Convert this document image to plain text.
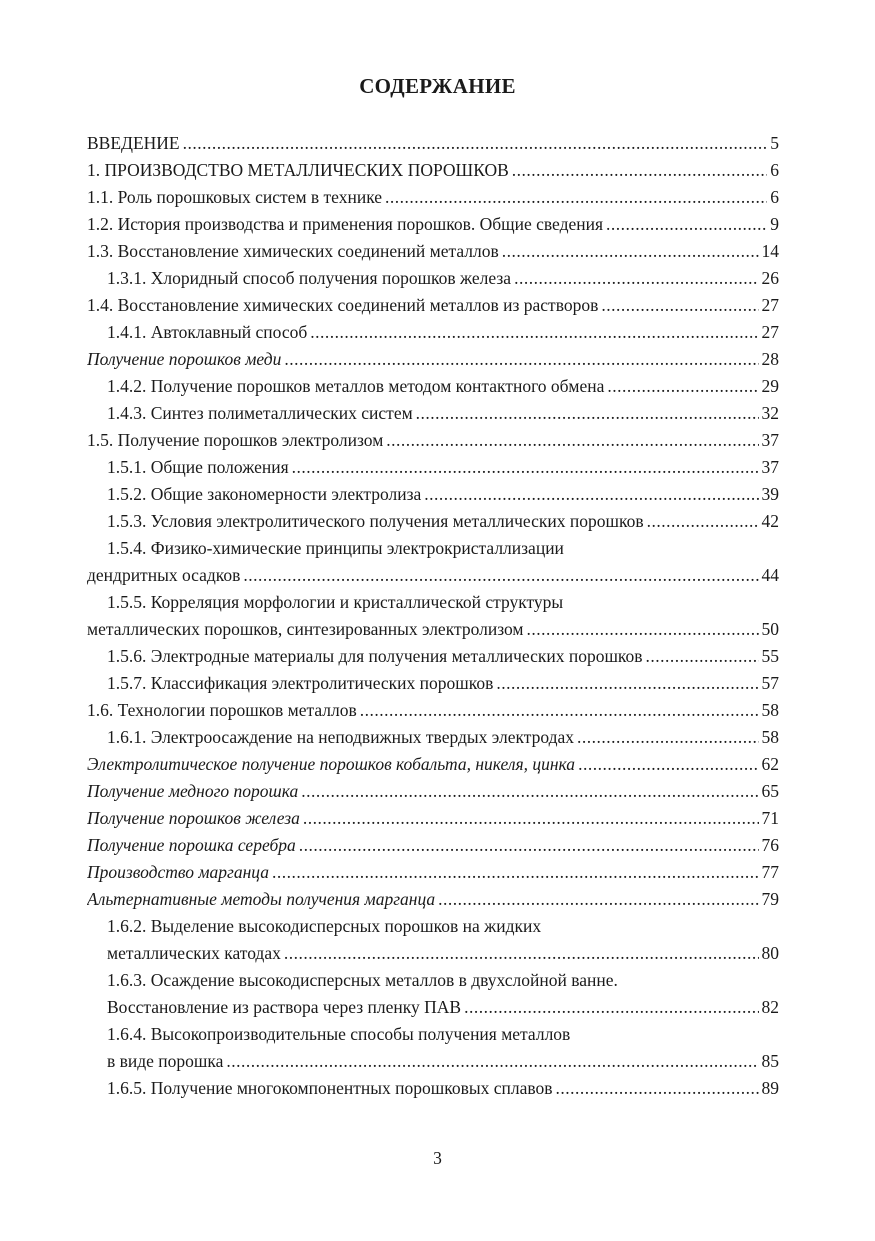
СОДЕРЖАНИЕ
ВВЕДЕНИЕ .....	5
1. ПРОИЗВОДСТВО МЕТАЛЛИЧЕСКИХ ПОРОШКОВ .....	6
1.1. Роль порошковых систем в технике .....	6
1.2. История производства и применения порошков. Общие сведения .....	9
1.3. Восстановление химических соединений металлов .....	14
1.3.1. Хлоридный способ получения порошков железа .....	26
1.4. Восстановление химических соединений металлов из растворов .....	27
1.4.1. Автоклавный способ .....	27
Получение порошков меди .....	28
1.4.2. Получение порошков металлов методом контактного обмена .....	29
1.4.3. Синтез полиметаллических систем .....	32
1.5. Получение порошков электролизом .....	37
1.5.1. Общие положения .....	37
1.5.2. Общие закономерности электролиза .....	39
1.5.3. Условия электролитического получения металлических порошков .....	42
1.5.4. Физико-химические принципы электрокристаллизации
дендритных осадков .....	44
1.5.5. Корреляция морфологии и кристаллической структуры
металлических порошков, синтезированных электролизом .....	50
1.5.6. Электродные материалы для получения металлических порошков .....	55
1.5.7. Классификация электролитических порошков .....	57
1.6. Технологии порошков металлов .....	58
1.6.1. Электроосаждение на неподвижных твердых электродах .....	58
Электролитическое получение порошков кобальта, никеля, цинка .....	62
Получение медного порошка .....	65
Получение порошков железа .....	71
Получение порошка серебра .....	76
Производство марганца .....	77
Альтернативные методы получения марганца .....	79
1.6.2. Выделение высокодисперсных порошков на жидких
металлических катодах .....	80
1.6.3. Осаждение высокодисперсных металлов в двухслойной ванне.
Восстановление из раствора через пленку ПАВ .....	82
1.6.4. Высокопроизводительные способы получения металлов
в виде порошка .....	85
1.6.5. Получение многокомпонентных порошковых сплавов .....	89
3
